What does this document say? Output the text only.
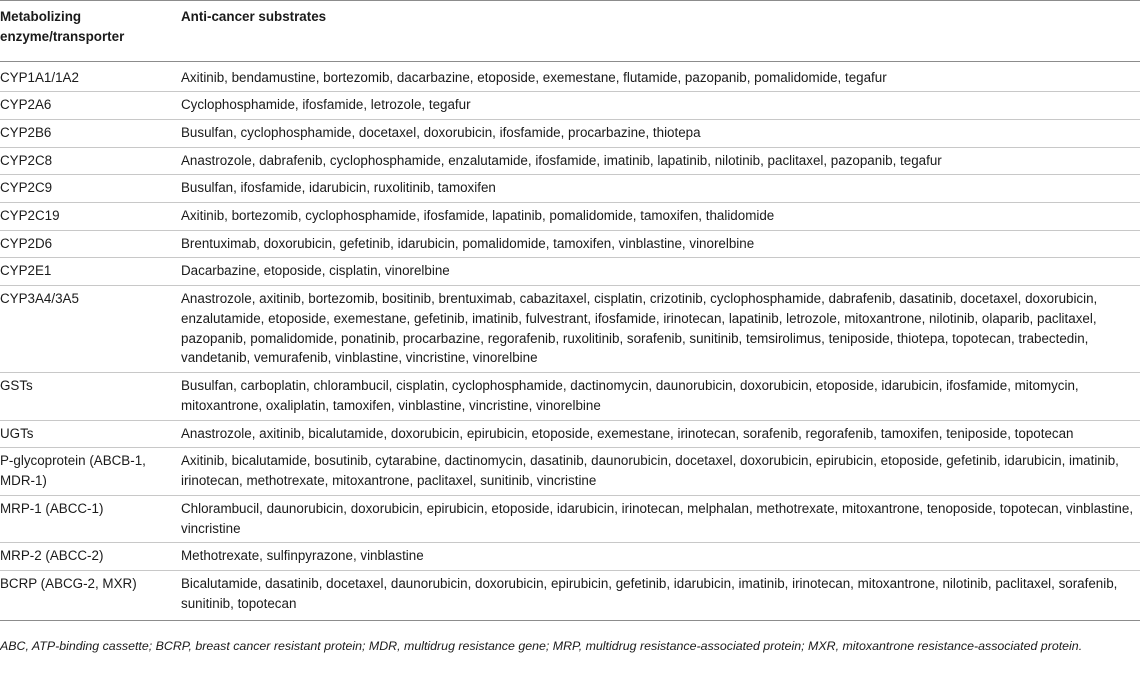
Metabolizing enzyme/transporter	Anti-cancer substrates
CYP1A1/1A2	Axitinib, bendamustine, bortezomib, dacarbazine, etoposide, exemestane, flutamide, pazopanib, pomalidomide, tegafur
CYP2A6	Cyclophosphamide, ifosfamide, letrozole, tegafur
CYP2B6	Busulfan, cyclophosphamide, docetaxel, doxorubicin, ifosfamide, procarbazine, thiotepa
CYP2C8	Anastrozole, dabrafenib, cyclophosphamide, enzalutamide, ifosfamide, imatinib, lapatinib, nilotinib, paclitaxel, pazopanib, tegafur
CYP2C9	Busulfan, ifosfamide, idarubicin, ruxolitinib, tamoxifen
CYP2C19	Axitinib, bortezomib, cyclophosphamide, ifosfamide, lapatinib, pomalidomide, tamoxifen, thalidomide
CYP2D6	Brentuximab, doxorubicin, gefetinib, idarubicin, pomalidomide, tamoxifen, vinblastine, vinorelbine
CYP2E1	Dacarbazine, etoposide, cisplatin, vinorelbine
CYP3A4/3A5	Anastrozole, axitinib, bortezomib, bositinib, brentuximab, cabazitaxel, cisplatin, crizotinib, cyclophosphamide, dabrafenib, dasatinib, docetaxel, doxorubicin, enzalutamide, etoposide, exemestane, gefetinib, imatinib, fulvestrant, ifosfamide, irinotecan, lapatinib, letrozole, mitoxantrone, nilotinib, olaparib, paclitaxel, pazopanib, pomalidomide, ponatinib, procarbazine, regorafenib, ruxolitinib, sorafenib, sunitinib, temsirolimus, teniposide, thiotepa, topotecan, trabectedin, vandetanib, vemurafenib, vinblastine, vincristine, vinorelbine
GSTs	Busulfan, carboplatin, chlorambucil, cisplatin, cyclophosphamide, dactinomycin, daunorubicin, doxorubicin, etoposide, idarubicin, ifosfamide, mitomycin, mitoxantrone, oxaliplatin, tamoxifen, vinblastine, vincristine, vinorelbine
UGTs	Anastrozole, axitinib, bicalutamide, doxorubicin, epirubicin, etoposide, exemestane, irinotecan, sorafenib, regorafenib, tamoxifen, teniposide, topotecan
P-glycoprotein (ABCB-1, MDR-1)	Axitinib, bicalutamide, bosutinib, cytarabine, dactinomycin, dasatinib, daunorubicin, docetaxel, doxorubicin, epirubicin, etoposide, gefetinib, idarubicin, imatinib, irinotecan, methotrexate, mitoxantrone, paclitaxel, sunitinib, vincristine
MRP-1 (ABCC-1)	Chlorambucil, daunorubicin, doxorubicin, epirubicin, etoposide, idarubicin, irinotecan, melphalan, methotrexate, mitoxantrone, tenoposide, topotecan, vinblastine, vincristine
MRP-2 (ABCC-2)	Methotrexate, sulfinpyrazone, vinblastine
BCRP (ABCG-2, MXR)	Bicalutamide, dasatinib, docetaxel, daunorubicin, doxorubicin, epirubicin, gefetinib, idarubicin, imatinib, irinotecan, mitoxantrone, nilotinib, paclitaxel, sorafenib, sunitinib, topotecan
ABC, ATP-binding cassette; BCRP, breast cancer resistant protein; MDR, multidrug resistance gene; MRP, multidrug resistance-associated protein; MXR, mitoxantrone resistance-associated protein.
